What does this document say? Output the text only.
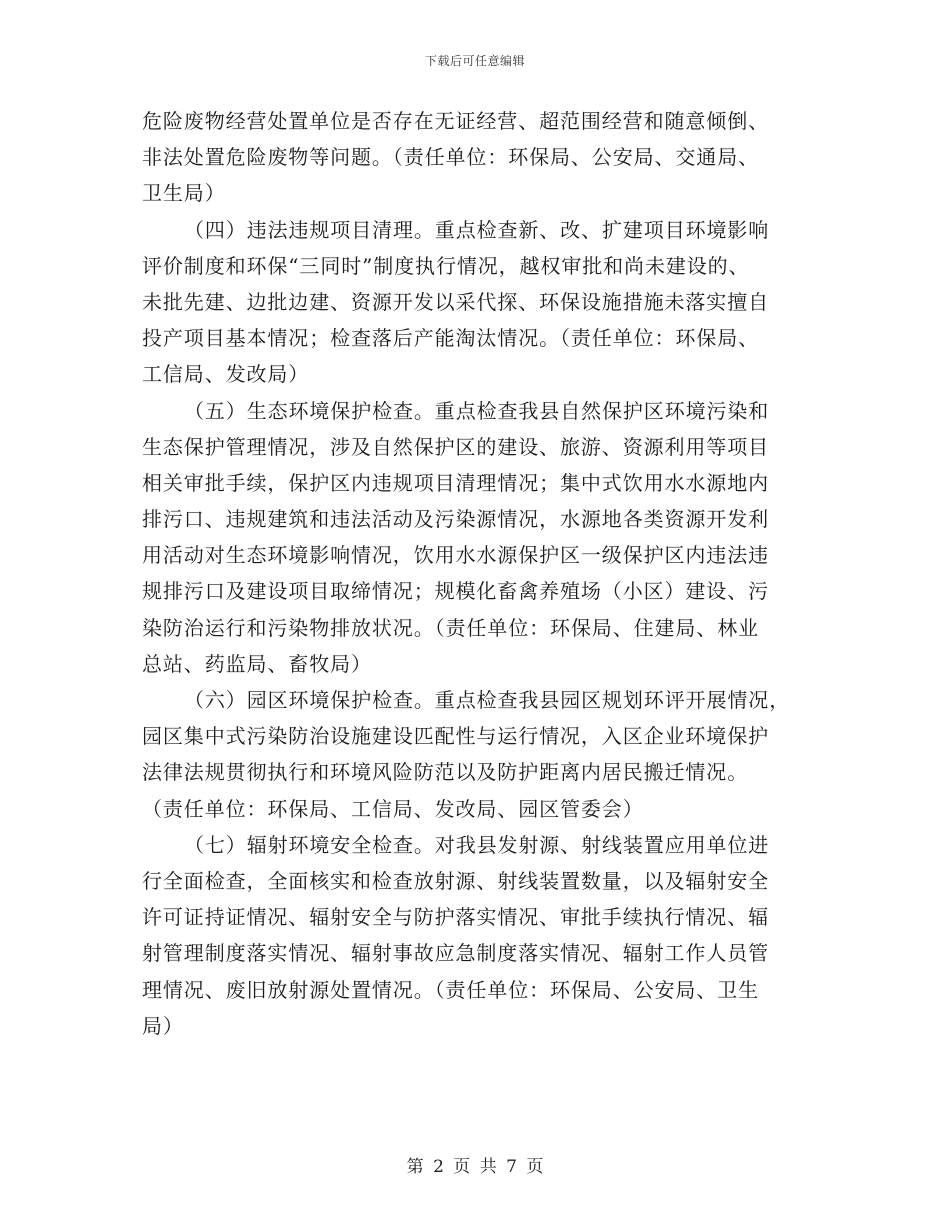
下载后可任意编辑
危险废物经营处置单位是否存在无证经营、超范围经营和随意倾倒、
非法处置危险废物等问题。（责任单位：环保局、公安局、交通局、
卫生局）
（四）违法违规项目清理。重点检查新、改、扩建项目环境影响
评价制度和环保“三同时”制度执行情况，越权审批和尚未建设的、
未批先建、边批边建、资源开发以采代探、环保设施措施未落实擅自
投产项目基本情况；检查落后产能淘汰情况。（责任单位：环保局、
工信局、发改局）
（五）生态环境保护检查。重点检查我县自然保护区环境污染和
生态保护管理情况，涉及自然保护区的建设、旅游、资源利用等项目
相关审批手续，保护区内违规项目清理情况；集中式饮用水水源地内
排污口、违规建筑和违法活动及污染源情况，水源地各类资源开发利
用活动对生态环境影响情况，饮用水水源保护区一级保护区内违法违
规排污口及建设项目取缔情况；规模化畜禽养殖场（小区）建设、污
染防治运行和污染物排放状况。（责任单位：环保局、住建局、林业
总站、药监局、畜牧局）
（六）园区环境保护检查。重点检查我县园区规划环评开展情况，
园区集中式污染防治设施建设匹配性与运行情况，入区企业环境保护
法律法规贯彻执行和环境风险防范以及防护距离内居民搬迁情况。
（责任单位：环保局、工信局、发改局、园区管委会）
（七）辐射环境安全检查。对我县发射源、射线装置应用单位进
行全面检查，全面核实和检查放射源、射线装置数量，以及辐射安全
许可证持证情况、辐射安全与防护落实情况、审批手续执行情况、辐
射管理制度落实情况、辐射事故应急制度落实情况、辐射工作人员管
理情况、废旧放射源处置情况。（责任单位：环保局、公安局、卫生
局）
第 2 页 共 7 页
